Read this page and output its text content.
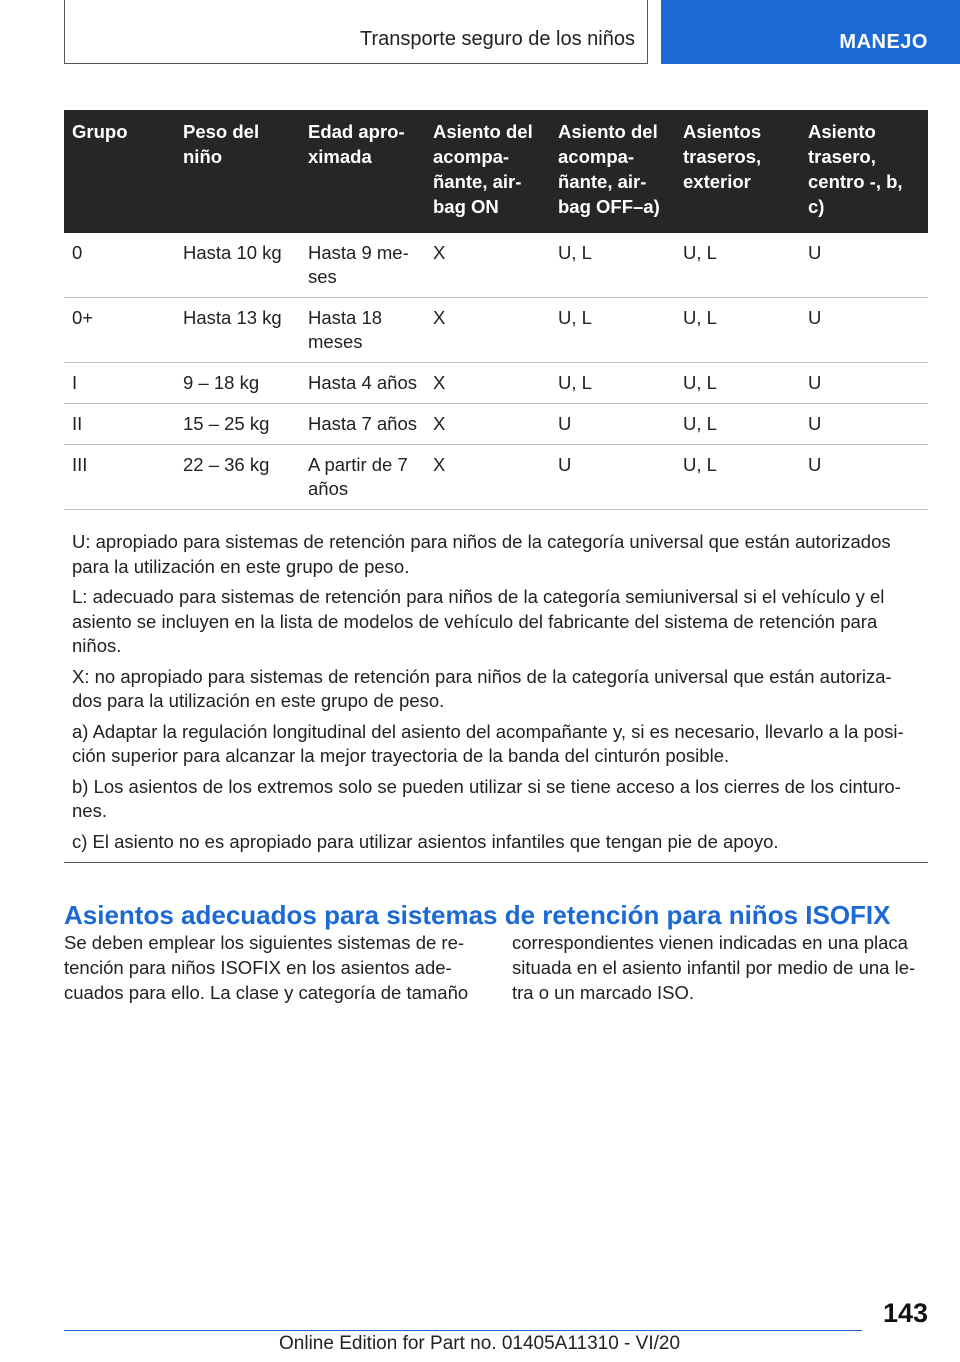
Transporte seguro de los niños	MANEJO
Grupo	Peso del niño	Edad apro-ximada	Asiento del acompa-ñante, air-bag ON	Asiento del acompa-ñante, air-bag OFF–a)	Asientos traseros, exterior	Asiento trasero, centro -, b, c)
0	Hasta 10 kg	Hasta 9 me-ses	X	U, L	U, L	U
0+	Hasta 13 kg	Hasta 18 meses	X	U, L	U, L	U
I	9 – 18 kg	Hasta 4 años	X	U, L	U, L	U
II	15 – 25 kg	Hasta 7 años	X	U	U, L	U
III	22 – 36 kg	A partir de 7 años	X	U	U, L	U

U: apropiado para sistemas de retención para niños de la categoría universal que están autorizados para la utilización en este grupo de peso.

L: adecuado para sistemas de retención para niños de la categoría semiuniversal si el vehículo y el asiento se incluyen en la lista de modelos de vehículo del fabricante del sistema de retención para niños.

X: no apropiado para sistemas de retención para niños de la categoría universal que están autoriza-dos para la utilización en este grupo de peso.

a) Adaptar la regulación longitudinal del asiento del acompañante y, si es necesario, llevarlo a la posi-ción superior para alcanzar la mejor trayectoria de la banda del cinturón posible.

b) Los asientos de los extremos solo se pueden utilizar si se tiene acceso a los cierres de los cinturo-nes.

c) El asiento no es apropiado para utilizar asientos infantiles que tengan pie de apoyo.

Asientos adecuados para sistemas de retención para niños ISOFIX
Se deben emplear los siguientes sistemas de re-tención para niños ISOFIX en los asientos ade-cuados para ello. La clase y categoría de tamaño
correspondientes vienen indicadas en una placa situada en el asiento infantil por medio de una le-tra o un marcado ISO.
143
Online Edition for Part no. 01405A11310 - VI/20
